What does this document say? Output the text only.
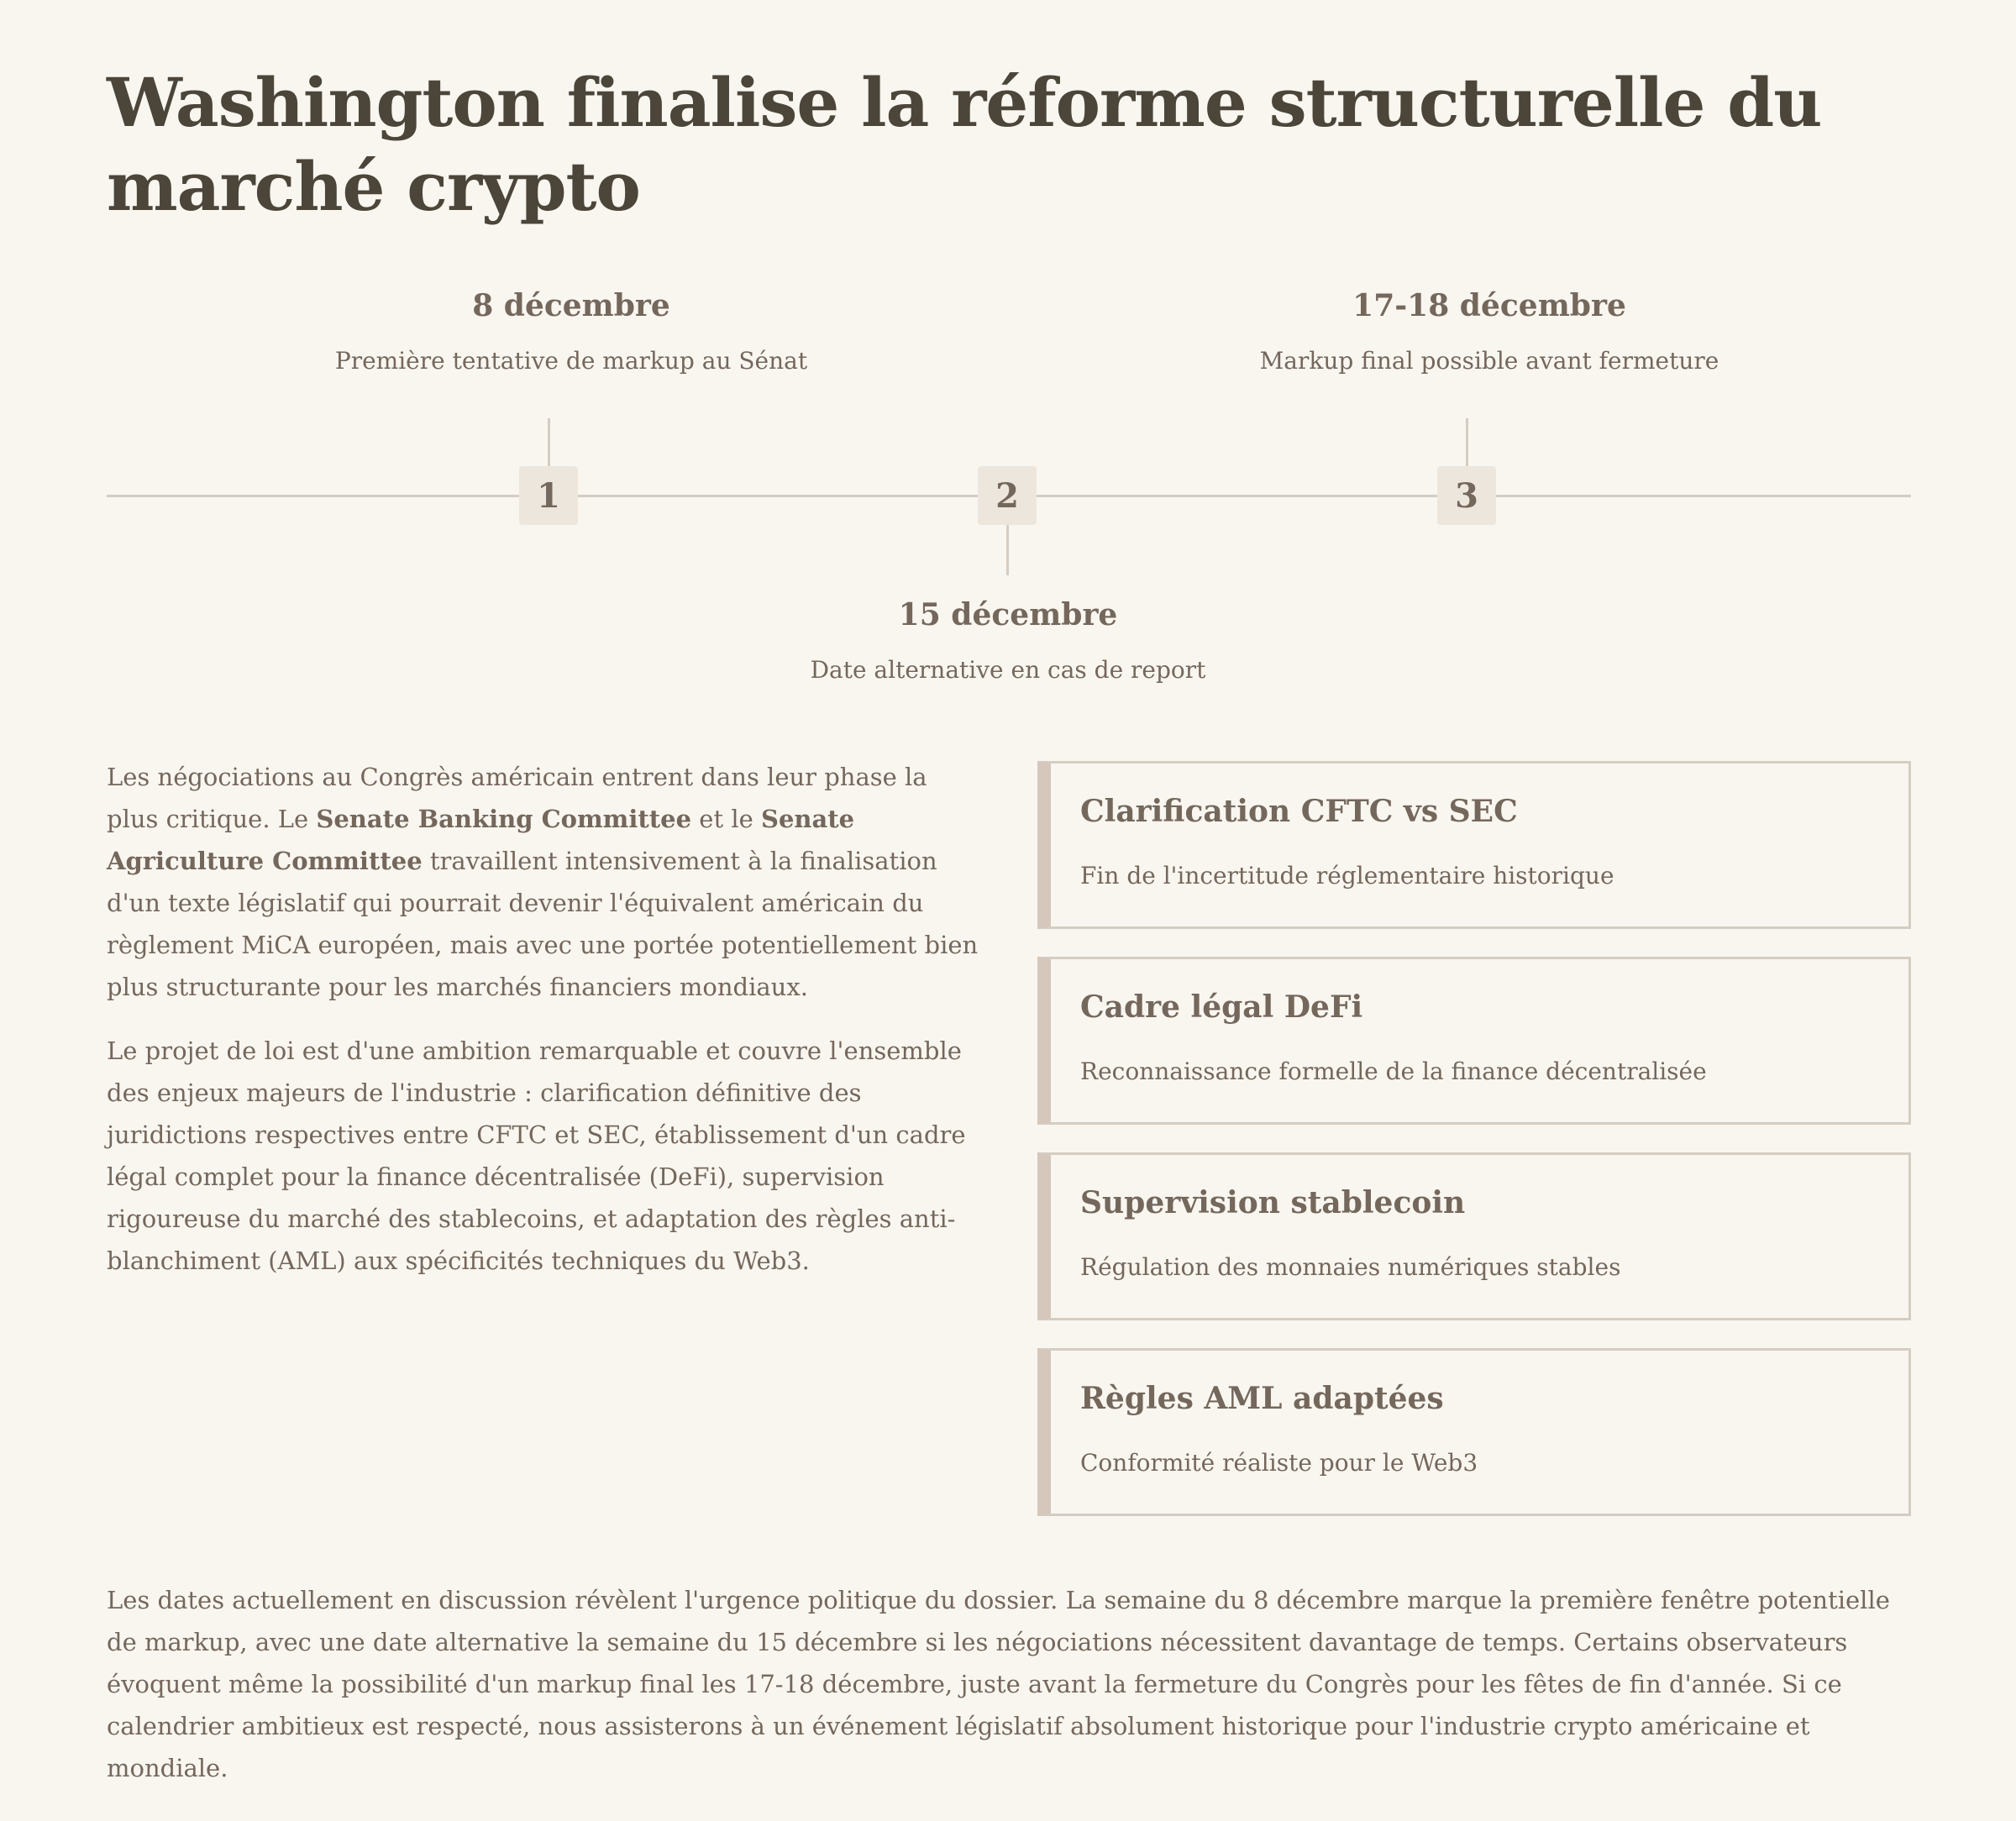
Washington finalise la réforme structurelle du marché crypto
8 décembre
Première tentative de markup au Sénat
1	2
15 décembre
Date alternative en cas de report
17-18 décembre
Markup final possible avant fermeture
3

Les négociations au Congrès américain entrent dans leur phase la plus critique. Le Senate Banking Committee et le Senate Agriculture Committee travaillent intensivement à la finalisation d'un texte législatif qui pourrait devenir l'équivalent américain du règlement MiCA européen, mais avec une portée potentiellement bien plus structurante pour les marchés financiers mondiaux.

Le projet de loi est d'une ambition remarquable et couvre l'ensemble des enjeux majeurs de l'industrie : clarification définitive des juridictions respectives entre CFTC et SEC, établissement d'un cadre légal complet pour la finance décentralisée (DeFi), supervision rigoureuse du marché des stablecoins, et adaptation des règles anti-blanchiment (AML) aux spécificités techniques du Web3.

Clarification CFTC vs SEC
Fin de l'incertitude réglementaire historique
Cadre légal DeFi
Reconnaissance formelle de la finance décentralisée
Supervision stablecoin
Régulation des monnaies numériques stables
Règles AML adaptées
Conformité réaliste pour le Web3

Les dates actuellement en discussion révèlent l'urgence politique du dossier. La semaine du 8 décembre marque la première fenêtre potentielle de markup, avec une date alternative la semaine du 15 décembre si les négociations nécessitent davantage de temps. Certains observateurs évoquent même la possibilité d'un markup final les 17-18 décembre, juste avant la fermeture du Congrès pour les fêtes de fin d'année. Si ce calendrier ambitieux est respecté, nous assisterons à un événement législatif absolument historique pour l'industrie crypto américaine et mondiale.
